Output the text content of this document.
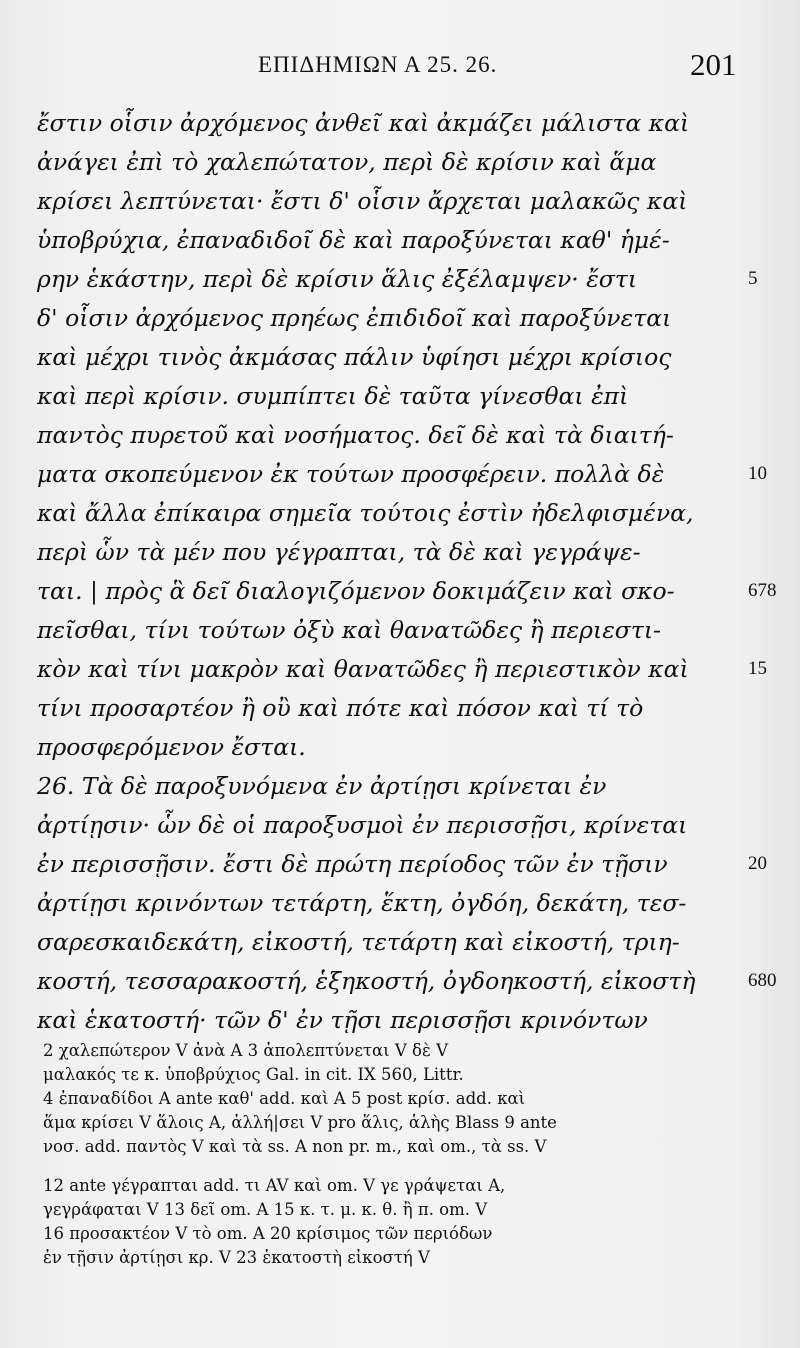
ΕΠΙΔΗΜΙΩΝ Α 25. 26.	201
ἔστιν οἷσιν ἀρχόμενος ἀνθεῖ καὶ ἀκμάζει μάλιστα καὶ
ἀνάγει ἐπὶ τὸ χαλεπώτατον, περὶ δὲ κρίσιν καὶ ἅμα
κρίσει λεπτύνεται· ἔστι δ' οἷσιν ἄρχεται μαλακῶς καὶ
ὑποβρύχια, ἐπαναδιδοῖ δὲ καὶ παροξύνεται καθ' ἡμέ-
ρην ἑκάστην, περὶ δὲ κρίσιν ἅλις ἐξέλαμψεν· ἔστι
δ' οἷσιν ἀρχόμενος πρηέως ἐπιδιδοῖ καὶ παροξύνεται
καὶ μέχρι τινὸς ἀκμάσας πάλιν ὑφίησι μέχρι κρίσιος
καὶ περὶ κρίσιν. συμπίπτει δὲ ταῦτα γίνεσθαι ἐπὶ
παντὸς πυρετοῦ καὶ νοσήματος. δεῖ δὲ καὶ τὰ διαιτή-
ματα σκοπεύμενον ἐκ τούτων προσφέρειν. πολλὰ δὲ
καὶ ἄλλα ἐπίκαιρα σημεῖα τούτοις ἐστὶν ἠδελφισμένα,
περὶ ὧν τὰ μέν που γέγραπται, τὰ δὲ καὶ γεγράψε-
ται. | πρὸς ἃ δεῖ διαλογιζόμενον δοκιμάζειν καὶ σκο-
πεῖσθαι, τίνι τούτων ὀξὺ καὶ θανατῶδες ἢ περιεστι-
κὸν καὶ τίνι μακρὸν καὶ θανατῶδες ἢ περιεστικὸν καὶ
τίνι προσαρτέον ἢ οὒ καὶ πότε καὶ πόσον καὶ τί τὸ
προσφερόμενον ἔσται.
26. Τὰ δὲ παροξυνόμενα ἐν ἀρτίῃσι κρίνεται ἐν
ἀρτίῃσιν· ὧν δὲ οἱ παροξυσμοὶ ἐν περισσῇσι, κρίνεται
ἐν περισσῇσιν. ἔστι δὲ πρώτη περίοδος τῶν ἐν τῇσιν
ἀρτίῃσι κρινόντων τετάρτη, ἕκτη, ὀγδόη, δεκάτη, τεσ-
σαρεσκαιδεκάτη, εἰκοστή, τετάρτη καὶ εἰκοστή, τριη-
κοστή, τεσσαρακοστή, ἑξηκοστή, ὀγδοηκοστή, εἰκοστὴ
καὶ ἑκατοστή· τῶν δ' ἐν τῇσι περισσῇσι κρινόντων
5
10
678
15
20
680
2 χαλεπώτερον V ἀνὰ A 3 ἀπολεπτύνεται V δὲ V
μαλακός τε κ. ὑποβρύχιος Gal. in cit. IX 560, Littr.
4 ἐπαναδίδοι A ante καθ' add. καὶ A 5 post κρίσ. add. καὶ
ἅμα κρίσει V ἅλοις A, ἀλλή|σει V pro ἅλις, ἁλὴς Blass 9 ante
νοσ. add. παντὸς V καὶ τὰ ss. A non pr. m., καὶ om., τὰ ss. V
12 ante γέγραπται add. τι AV καὶ om. V γε γράψεται A,
γεγράφαται V 13 δεῖ om. A 15 κ. τ. μ. κ. θ. ἢ π. om. V
16 προσακτέον V τὸ om. A 20 κρίσιμος τῶν περιόδων
ἐν τῇσιν ἀρτίῃσι κρ. V 23 ἑκατοστὴ εἰκοστή V
